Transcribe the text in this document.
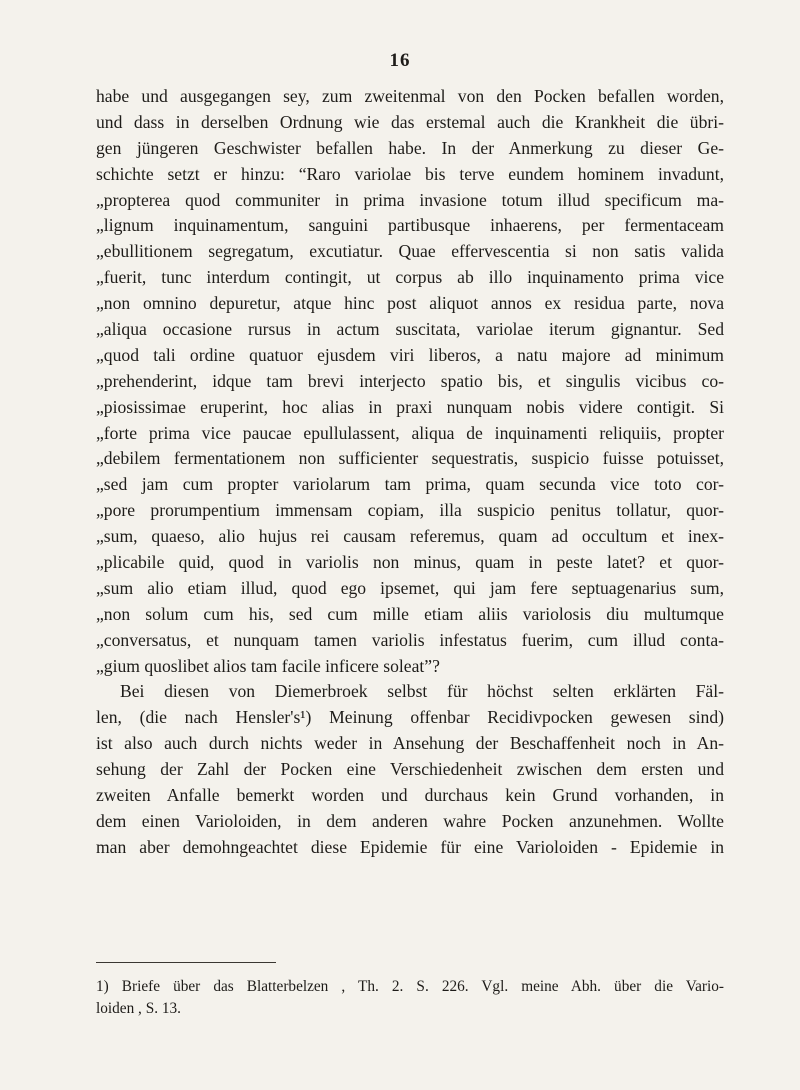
16
habe und ausgegangen sey, zum zweitenmal von den Pocken befallen worden,
und dass in derselben Ordnung wie das erstemal auch die Krankheit die übri-
gen jüngeren Geschwister befallen habe. In der Anmerkung zu dieser Ge-
schichte setzt er hinzu: “Raro variolae bis terve eundem hominem invadunt,
„propterea quod communiter in prima invasione totum illud specificum ma-
„lignum inquinamentum, sanguini partibusque inhaerens, per fermentaceam
„ebullitionem segregatum, excutiatur. Quae effervescentia si non satis valida
„fuerit, tunc interdum contingit, ut corpus ab illo inquinamento prima vice
„non omnino depuretur, atque hinc post aliquot annos ex residua parte, nova
„aliqua occasione rursus in actum suscitata, variolae iterum gignantur. Sed
„quod tali ordine quatuor ejusdem viri liberos, a natu majore ad minimum
„prehenderint, idque tam brevi interjecto spatio bis, et singulis vicibus co-
„piosissimae eruperint, hoc alias in praxi nunquam nobis videre contigit. Si
„forte prima vice paucae epullulassent, aliqua de inquinamenti reliquiis, propter
„debilem fermentationem non sufficienter sequestratis, suspicio fuisse potuisset,
„sed jam cum propter variolarum tam prima, quam secunda vice toto cor-
„pore prorumpentium immensam copiam, illa suspicio penitus tollatur, quor-
„sum, quaeso, alio hujus rei causam referemus, quam ad occultum et inex-
„plicabile quid, quod in variolis non minus, quam in peste latet? et quor-
„sum alio etiam illud, quod ego ipsemet, qui jam fere septuagenarius sum,
„non solum cum his, sed cum mille etiam aliis variolosis diu multumque
„conversatus, et nunquam tamen variolis infestatus fuerim, cum illud conta-
„gium quoslibet alios tam facile inficere soleat”?
Bei diesen von Diemerbroek selbst für höchst selten erklärten Fäl-
len, (die nach Hensler's¹) Meinung offenbar Recidivpocken gewesen sind)
ist also auch durch nichts weder in Ansehung der Beschaffenheit noch in An-
sehung der Zahl der Pocken eine Verschiedenheit zwischen dem ersten und
zweiten Anfalle bemerkt worden und durchaus kein Grund vorhanden, in
dem einen Varioloiden, in dem anderen wahre Pocken anzunehmen. Wollte
man aber demohngeachtet diese Epidemie für eine Varioloiden - Epidemie in
1) Briefe über das Blatterbelzen , Th. 2. S. 226. Vgl. meine Abh. über die Vario-
loiden , S. 13.
